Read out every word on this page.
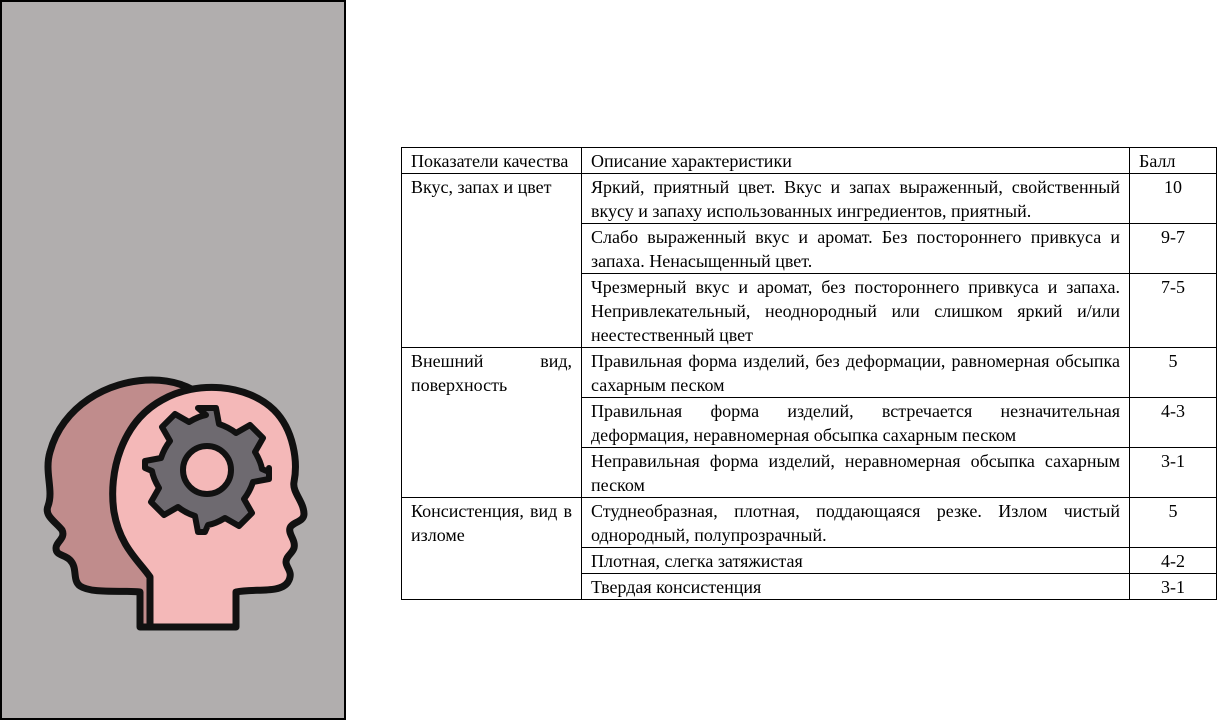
Показатели качества	Описание характеристики	Балл
Вкус, запах и цвет	Яркий, приятный цвет. Вкус и запах выраженный, свойственный вкусу и запаху использованных ингредиентов, приятный.	10
	Слабо выраженный вкус и аромат. Без постороннего привкуса и запаха. Ненасыщенный цвет.	9-7
	Чрезмерный вкус и аромат, без постороннего привкуса и запаха. Непривлекательный, неоднородный или слишком яркий и/или неестественный цвет	7-5
Внешний вид, поверхность	Правильная форма изделий, без деформации, равномерная обсыпка сахарным песком	5
	Правильная форма изделий, встречается незначительная деформация, неравномерная обсыпка сахарным песком	4-3
	Неправильная форма изделий, неравномерная обсыпка сахарным песком	3-1
Консистенция, вид в изломе	Студнеобразная, плотная, поддающаяся резке. Излом чистый однородный, полупрозрачный.	5
	Плотная, слегка затяжистая	4-2
	Твердая консистенция	3-1
